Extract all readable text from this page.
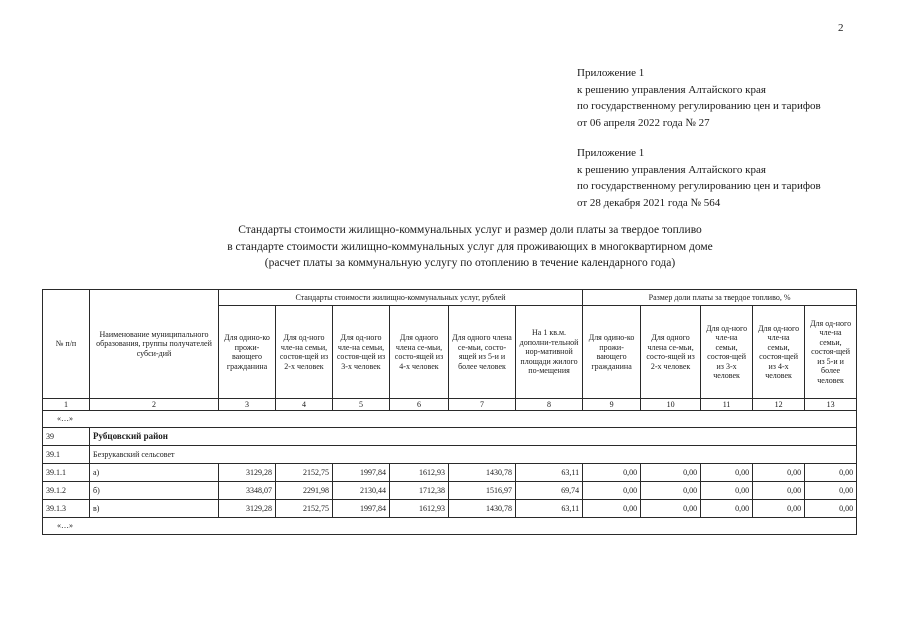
2
Приложение 1
к решению управления Алтайского края
по государственному регулированию цен и тарифов
от 06 апреля 2022 года № 27
Приложение 1
к решению управления Алтайского края
по государственному регулированию цен и тарифов
от 28 декабря 2021 года № 564
Стандарты стоимости жилищно-коммунальных услуг и размер доли платы за твердое топливо
в стандарте стоимости жилищно-коммунальных услуг для проживающих в многоквартирном доме
(расчет платы за коммунальную услугу по отоплению в течение календарного года)
№ п/п	Наименование муниципального образования, группы получателей субси-дий	Стандарты стоимости жилищно-коммунальных услуг, рублей						Размер доли платы за твердое топливо, %				
		Для одино-ко прожи-вающего гражданина	Для од-ного чле-на семьи, состоя-щей из 2-х человек	Для од-ного чле-на семьи, состоя-щей из 3-х человек	Для одного члена се-мьи, состо-ящей из 4-х человек	Для одного члена се-мьи, состо-ящей из 5-и и более человек	На 1 кв.м. дополни-тельной нор-мативной площади жилого по-мещения	Для одино-ко прожи-вающего гражданина	Для одного члена се-мьи, состо-ящей из 2-х человек	Для од-ного чле-на семьи, состоя-щей из 3-х человек	Для од-ного чле-на семьи, состоя-щей из 4-х человек	Для од-ного чле-на семьи, состоя-щей из 5-и и более человек
1	2	3	4	5	6	7	8	9	10	11	12	13
«…»												
39	Рубцовский район											
39.1	Безрукавский сельсовет											
39.1.1	а)	3129,28	2152,75	1997,84	1612,93	1430,78	63,11	0,00	0,00	0,00	0,00	0,00
39.1.2	б)	3348,07	2291,98	2130,44	1712,38	1516,97	69,74	0,00	0,00	0,00	0,00	0,00
39.1.3	в)	3129,28	2152,75	1997,84	1612,93	1430,78	63,11	0,00	0,00	0,00	0,00	0,00
«…»												
